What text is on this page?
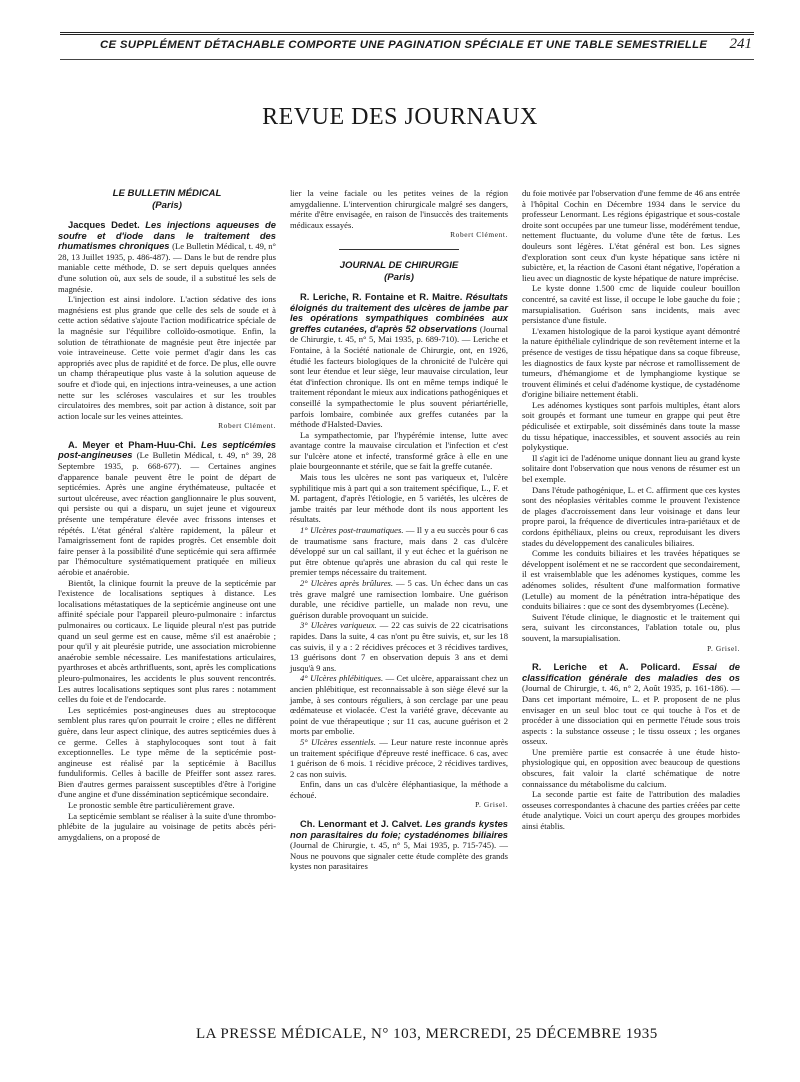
CE SUPPLÉMENT DÉTACHABLE COMPORTE UNE PAGINATION SPÉCIALE ET UNE TABLE SEMESTRIELLE 241
REVUE DES JOURNAUX
LE BULLETIN MÉDICAL
(Paris)

Jacques Dedet. Les injections aqueuses de soufre et d'iode dans le traitement des rhumatismes chroniques (Le Bulletin Médical, t. 49, n° 28, 13 Juillet 1935, p. 486-487). — Dans le but de rendre plus maniable cette méthode, D. se sert depuis quelques années d'une solution où, aux sels de soude, il a substitué les sels de magnésie.

L'injection est ainsi indolore. L'action sédative des ions magnésiens est plus grande que celle des sels de soude et à cette action sédative s'ajoute l'action modificatrice spéciale de la magnésie sur l'équilibre colloïdo-osmotique. Enfin, la solution de tétrathionate de magnésie peut être injectée par voie intraveineuse. Cette voie permet d'agir dans les cas appropriés avec plus de rapidité et de force. De plus, elle ouvre un champ thérapeutique plus vaste à la solution aqueuse de soufre et d'iode qui, en injections intra-veineuses, a une action nette sur les scléroses vasculaires et sur les troubles circulatoires des membres, soit par action à distance, soit par action locale sur les veines atteintes.

Robert Clément.

A. Meyer et Pham-Huu-Chi. Les septicémies post-angineuses (Le Bulletin Médical, t. 49, n° 39, 28 Septembre 1935, p. 668-677). — Certaines angines d'apparence banale peuvent être le point de départ de septicémies. Après une angine érythémateuse, pultacée et surtout ulcéreuse, avec réaction ganglionnaire le plus souvent, qui persiste ou qui a disparu, un sujet jeune et vigoureux présente une température élevée avec frissons intenses et répétés. L'état général s'altère rapidement, la pâleur et l'amaigrissement font de rapides progrès. Cet ensemble doit faire penser à la possibilité d'une septicémie qui sera affirmée par l'hémoculture systématiquement pratiquée en milieux aérobie et anaérobie.

Bientôt, la clinique fournit la preuve de la septicémie par l'existence de localisations septiques à distance. Les localisations métastatiques de la septicémie angineuse ont une affinité spéciale pour l'appareil pleuro-pulmonaire : infarctus pulmonaires ou corticaux. Le liquide pleural n'est pas putride quand un seul germe est en cause, même s'il est anaérobie ; pour qu'il y ait pleurésie putride, une association microbienne anaérobie semble nécessaire. Les manifestations articulaires, pyarthroses et abcès arthrifluents, sont, après les complications pleuro-pulmonaires, les accidents le plus souvent rencontrés. Les autres localisations septiques sont plus rares : notamment celles du foie et de l'endocarde.

Les septicémies post-angineuses dues au streptocoque semblent plus rares qu'on pourrait le croire ; elles ne diffèrent guère, dans leur aspect clinique, des autres septicémies dues à ce germe. Celles à staphylocoques sont tout à fait exceptionnelles. Le type même de la septicémie post-angineuse est réalisé par la septicémie à Bacillus funduliformis. Celles à bacille de Pfeiffer sont assez rares. Bien d'autres germes paraissent susceptibles d'être à l'origine d'une angine et d'une dissémination septicémique secondaire.

Le pronostic semble être particulièrement grave.

La septicémie semblant se réaliser à la suite d'une thrombo-phlébite de la jugulaire au voisinage de petits abcès péri-amygdaliens, on a proposé de

lier la veine faciale ou les petites veines de la région amygdalienne. L'intervention chirurgicale malgré ses dangers, mérite d'être envisagée, en raison de l'insuccès des traitements médicaux essayés.

Robert Clément.
JOURNAL DE CHIRURGIE
(Paris)

R. Leriche, R. Fontaine et R. Maitre. Résultats éloignés du traitement des ulcères de jambe par les opérations sympathiques combinées aux greffes cutanées, d'après 52 observations (Journal de Chirurgie, t. 45, n° 5, Mai 1935, p. 689-710). — Leriche et Fontaine, à la Société nationale de Chirurgie, ont, en 1926, étudié les facteurs biologiques de la chronicité de l'ulcère qui sont leur étendue et leur siège, leur mauvaise circulation, leur état d'infection chronique. Ils ont en même temps indiqué le traitement répondant le mieux aux indications pathogéniques et conseillé la sympathectomie le plus souvent périartérielle, parfois lombaire, combinée aux greffes cutanées par la méthode d'Halsted-Davies.

La sympathectomie, par l'hypérémie intense, lutte avec avantage contre la mauvaise circulation et l'infection et c'est sur l'ulcère atone et infecté, transformé grâce à elle en une plaie bourgeonnante et stérile, que se fait la greffe cutanée.

Mais tous les ulcères ne sont pas variqueux et, l'ulcère syphilitique mis à part qui a son traitement spécifique, L., F. et M. partagent, d'après l'étiologie, en 5 variétés, les ulcères de jambe traités par leur méthode dont ils nous apportent les résultats.

1° Ulcères post-traumatiques. — Il y a eu succès pour 6 cas de traumatisme sans fracture, mais dans 2 cas d'ulcère développé sur un cal saillant, il y eut échec et la guérison ne put être obtenue qu'après une abrasion du cal qui reste le premier temps nécessaire du traitement.

2° Ulcères après brûlures. — 5 cas. Un échec dans un cas très grave malgré une ramisection lombaire. Une guérison durable, une récidive partielle, un malade non revu, une guérison durable provoquant un suicide.

3° Ulcères variqueux. — 22 cas suivis de 22 cicatrisations rapides. Dans la suite, 4 cas n'ont pu être suivis, et, sur les 18 cas suivis, il y a : 2 récidives précoces et 3 récidives tardives, 13 guérisons dont 7 en observation depuis 3 ans et demi jusqu'à 9 ans.

4° Ulcères phlébitiques. — Cet ulcère, apparaissant chez un ancien phlébitique, est reconnaissable à son siège élevé sur la jambe, à ses contours réguliers, à son cerclage par une peau œdémateuse et violacée. C'est la variété grave, décevante au point de vue thérapeutique ; sur 11 cas, aucune guérison et 2 morts par embolie.

5° Ulcères essentiels. — Leur nature reste inconnue après un traitement spécifique d'épreuve resté inefficace. 6 cas, avec 1 guérison de 6 mois. 1 récidive précoce, 2 récidives tardives, 2 cas non suivis.

Enfin, dans un cas d'ulcère éléphantiasique, la méthode a échoué.

P. Grisel.

Ch. Lenormant et J. Calvet. Les grands kystes non parasitaires du foie; cystadénomes biliaires (Journal de Chirurgie, t. 45, n° 5, Mai 1935, p. 715-745). — Nous ne pouvons que signaler cette étude complète des grands kystes non parasitaires

du foie motivée par l'observation d'une femme de 46 ans entrée à l'hôpital Cochin en Décembre 1934 dans le service du professeur Lenormant. Les régions épigastrique et sous-costale droite sont occupées par une tumeur lisse, modérément tendue, nettement fluctuante, du volume d'une tête de fœtus. Les douleurs sont légères. L'état général est bon. Les signes d'exploration sont ceux d'un kyste hépatique sans ictère ni subictère, et, la réaction de Casoni étant négative, l'opération a lieu avec un diagnostic de kyste hépatique de nature imprécise.

Le kyste donne 1.500 cmc de liquide couleur bouillon concentré, sa cavité est lisse, il occupe le lobe gauche du foie ; marsupialisation. Guérison sans incidents, mais avec persistance d'une fistule.

L'examen histologique de la paroi kystique ayant démontré la nature épithéliale cylindrique de son revêtement interne et la présence de vestiges de tissu hépatique dans sa coque fibreuse, les diagnostics de faux kyste par nécrose et ramollissement de tumeurs, d'hémangiome et de lymphangiome kystique se trouvent éliminés et celui d'adénome kystique, de cystadénome d'origine biliaire nettement établi.

Les adénomes kystiques sont parfois multiples, étant alors soit groupés et formant une tumeur en grappe qui peut être pédiculisée et extirpable, soit disséminés dans toute la masse du tissu hépatique, inaccessibles, et souvent associés au rein polykystique.

Il s'agit ici de l'adénome unique donnant lieu au grand kyste solitaire dont l'observation que nous venons de résumer est un bel exemple.

Dans l'étude pathogénique, L. et C. affirment que ces kystes sont des néoplasies véritables comme le prouvent l'existence de plages d'accroissement dans leur voisinage et dans leur propre paroi, la fréquence de diverticules intra-pariétaux et de cordons épithéliaux, pleins ou creux, reproduisant les divers stades du développement des canalicules biliaires.

Comme les conduits biliaires et les travées hépatiques se développent isolément et ne se raccordent que secondairement, il est vraisemblable que les adénomes kystiques, comme les adénomes solides, résultent d'une malformation formative (Letulle) au moment de la pénétration intra-hépatique des conduits biliaires : que ce sont des dysembryomes (Lecène).

Suivent l'étude clinique, le diagnostic et le traitement qui sera, suivant les circonstances, l'ablation totale ou, plus souvent, la marsupialisation.

P. Grisel.

R. Leriche et A. Policard. Essai de classification générale des maladies des os (Journal de Chirurgie, t. 46, n° 2, Août 1935, p. 161-186). — Dans cet important mémoire, L. et P. proposent de ne plus envisager en un seul bloc tout ce qui touche à l'os et de procéder à une dissociation qui en permette l'étude sous trois aspects : la substance osseuse ; le tissu osseux ; les organes osseux.

Une première partie est consacrée à une étude histo-physiologique qui, en opposition avec beaucoup de questions obscures, fait valoir la clarté schématique de notre connaissance du métabolisme du calcium.

La seconde partie est faite de l'attribution des maladies osseuses correspondantes à chacune des parties créées par cette étude analytique. Voici un court aperçu des groupes morbides ainsi établis.

LA PRESSE MÉDICALE, N° 103, MERCREDI, 25 DÉCEMBRE 1935
